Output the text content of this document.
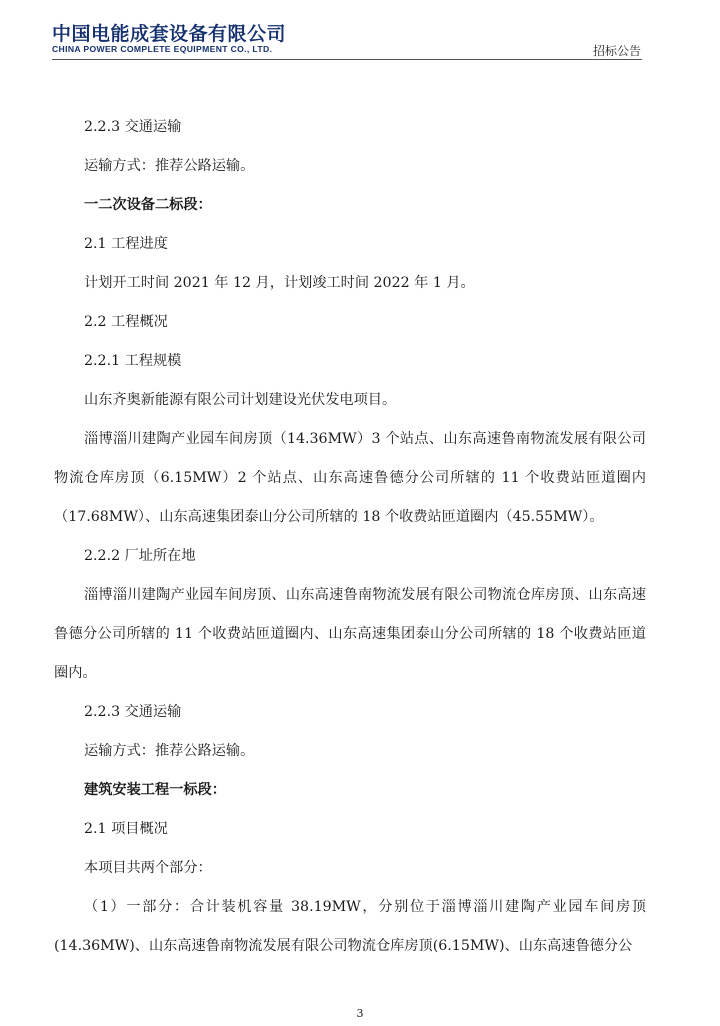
中国电能成套设备有限公司
CHINA POWER COMPLETE EQUIPMENT CO., LTD.	招标公告

2.2.3 交通运输

运输方式：推荐公路运输。

一二次设备二标段：

2.1 工程进度

计划开工时间 2021 年 12 月，计划竣工时间 2022 年 1 月。

2.2 工程概况

2.2.1 工程规模

山东齐奥新能源有限公司计划建设光伏发电项目。

淄博淄川建陶产业园车间房顶（14.36MW）3 个站点、山东高速鲁南物流发展有限公司物流仓库房顶（6.15MW）2 个站点、山东高速鲁德分公司所辖的 11 个收费站匝道圈内（17.68MW）、山东高速集团泰山分公司所辖的 18 个收费站匝道圈内（45.55MW）。

2.2.2 厂址所在地

淄博淄川建陶产业园车间房顶、山东高速鲁南物流发展有限公司物流仓库房顶、山东高速鲁德分公司所辖的 11 个收费站匝道圈内、山东高速集团泰山分公司所辖的 18 个收费站匝道圈内。

2.2.3 交通运输

运输方式：推荐公路运输。

建筑安装工程一标段：

2.1 项目概况

本项目共两个部分：

（1）一部分：合计装机容量 38.19MW，分别位于淄博淄川建陶产业园车间房顶(14.36MW)、山东高速鲁南物流发展有限公司物流仓库房顶(6.15MW)、山东高速鲁德分公

3
